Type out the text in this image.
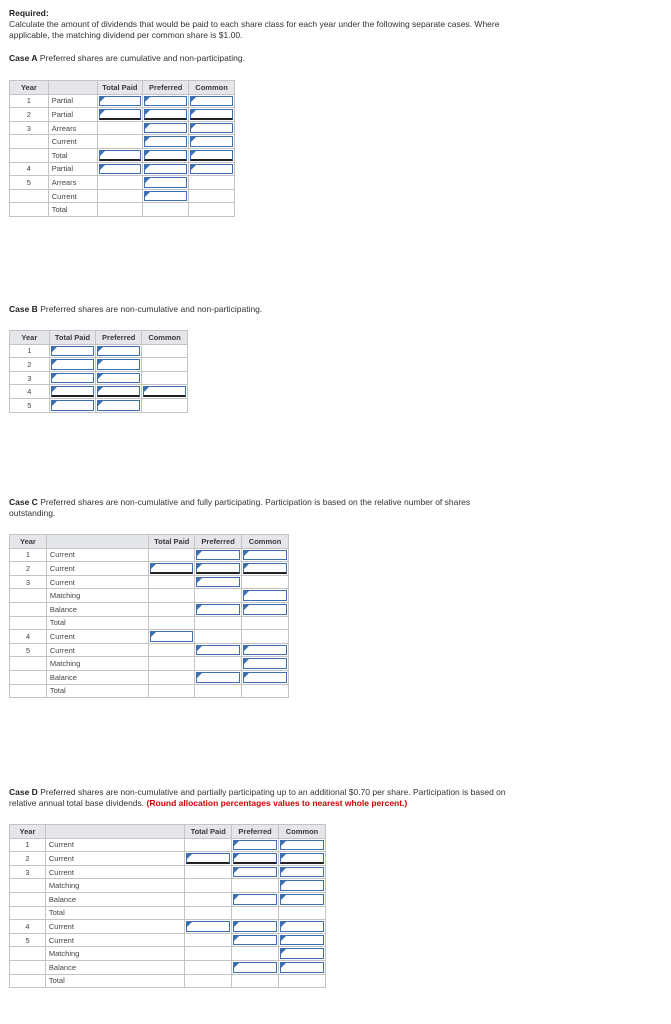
Required:
Calculate the amount of dividends that would be paid to each share class for each year under the following separate cases. Where
applicable, the matching dividend per common share is $1.00.
Case A Preferred shares are cumulative and non-participating.
Year		Total Paid	Preferred	Common
1	Partial	

2	Partial	

3	Arrears		

	Current		

	Total	

4	Partial	

5	Arrears		

	Current		

	Total			
Case B Preferred shares are non-cumulative and non-participating.
Year	Total Paid	Preferred	Common
1	

2	

3	

4	

5	

Case C Preferred shares are non-cumulative and fully participating. Participation is based on the relative number of shares
outstanding.
Year		Total Paid	Preferred	Common
1	Current		

2	Current	

3	Current		

	Matching			

	Balance		

	Total			
4	Current	

5	Current		

	Matching			

	Balance		

	Total			
Case D Preferred shares are non-cumulative and partially participating up to an additional $0.70 per share. Participation is based on
relative annual total base dividends. (Round allocation percentages values to nearest whole percent.)
Year		Total Paid	Preferred	Common
1	Current		

2	Current	

3	Current		

	Matching			

	Balance		

	Total			
4	Current	

5	Current		

	Matching			

	Balance		

	Total			
